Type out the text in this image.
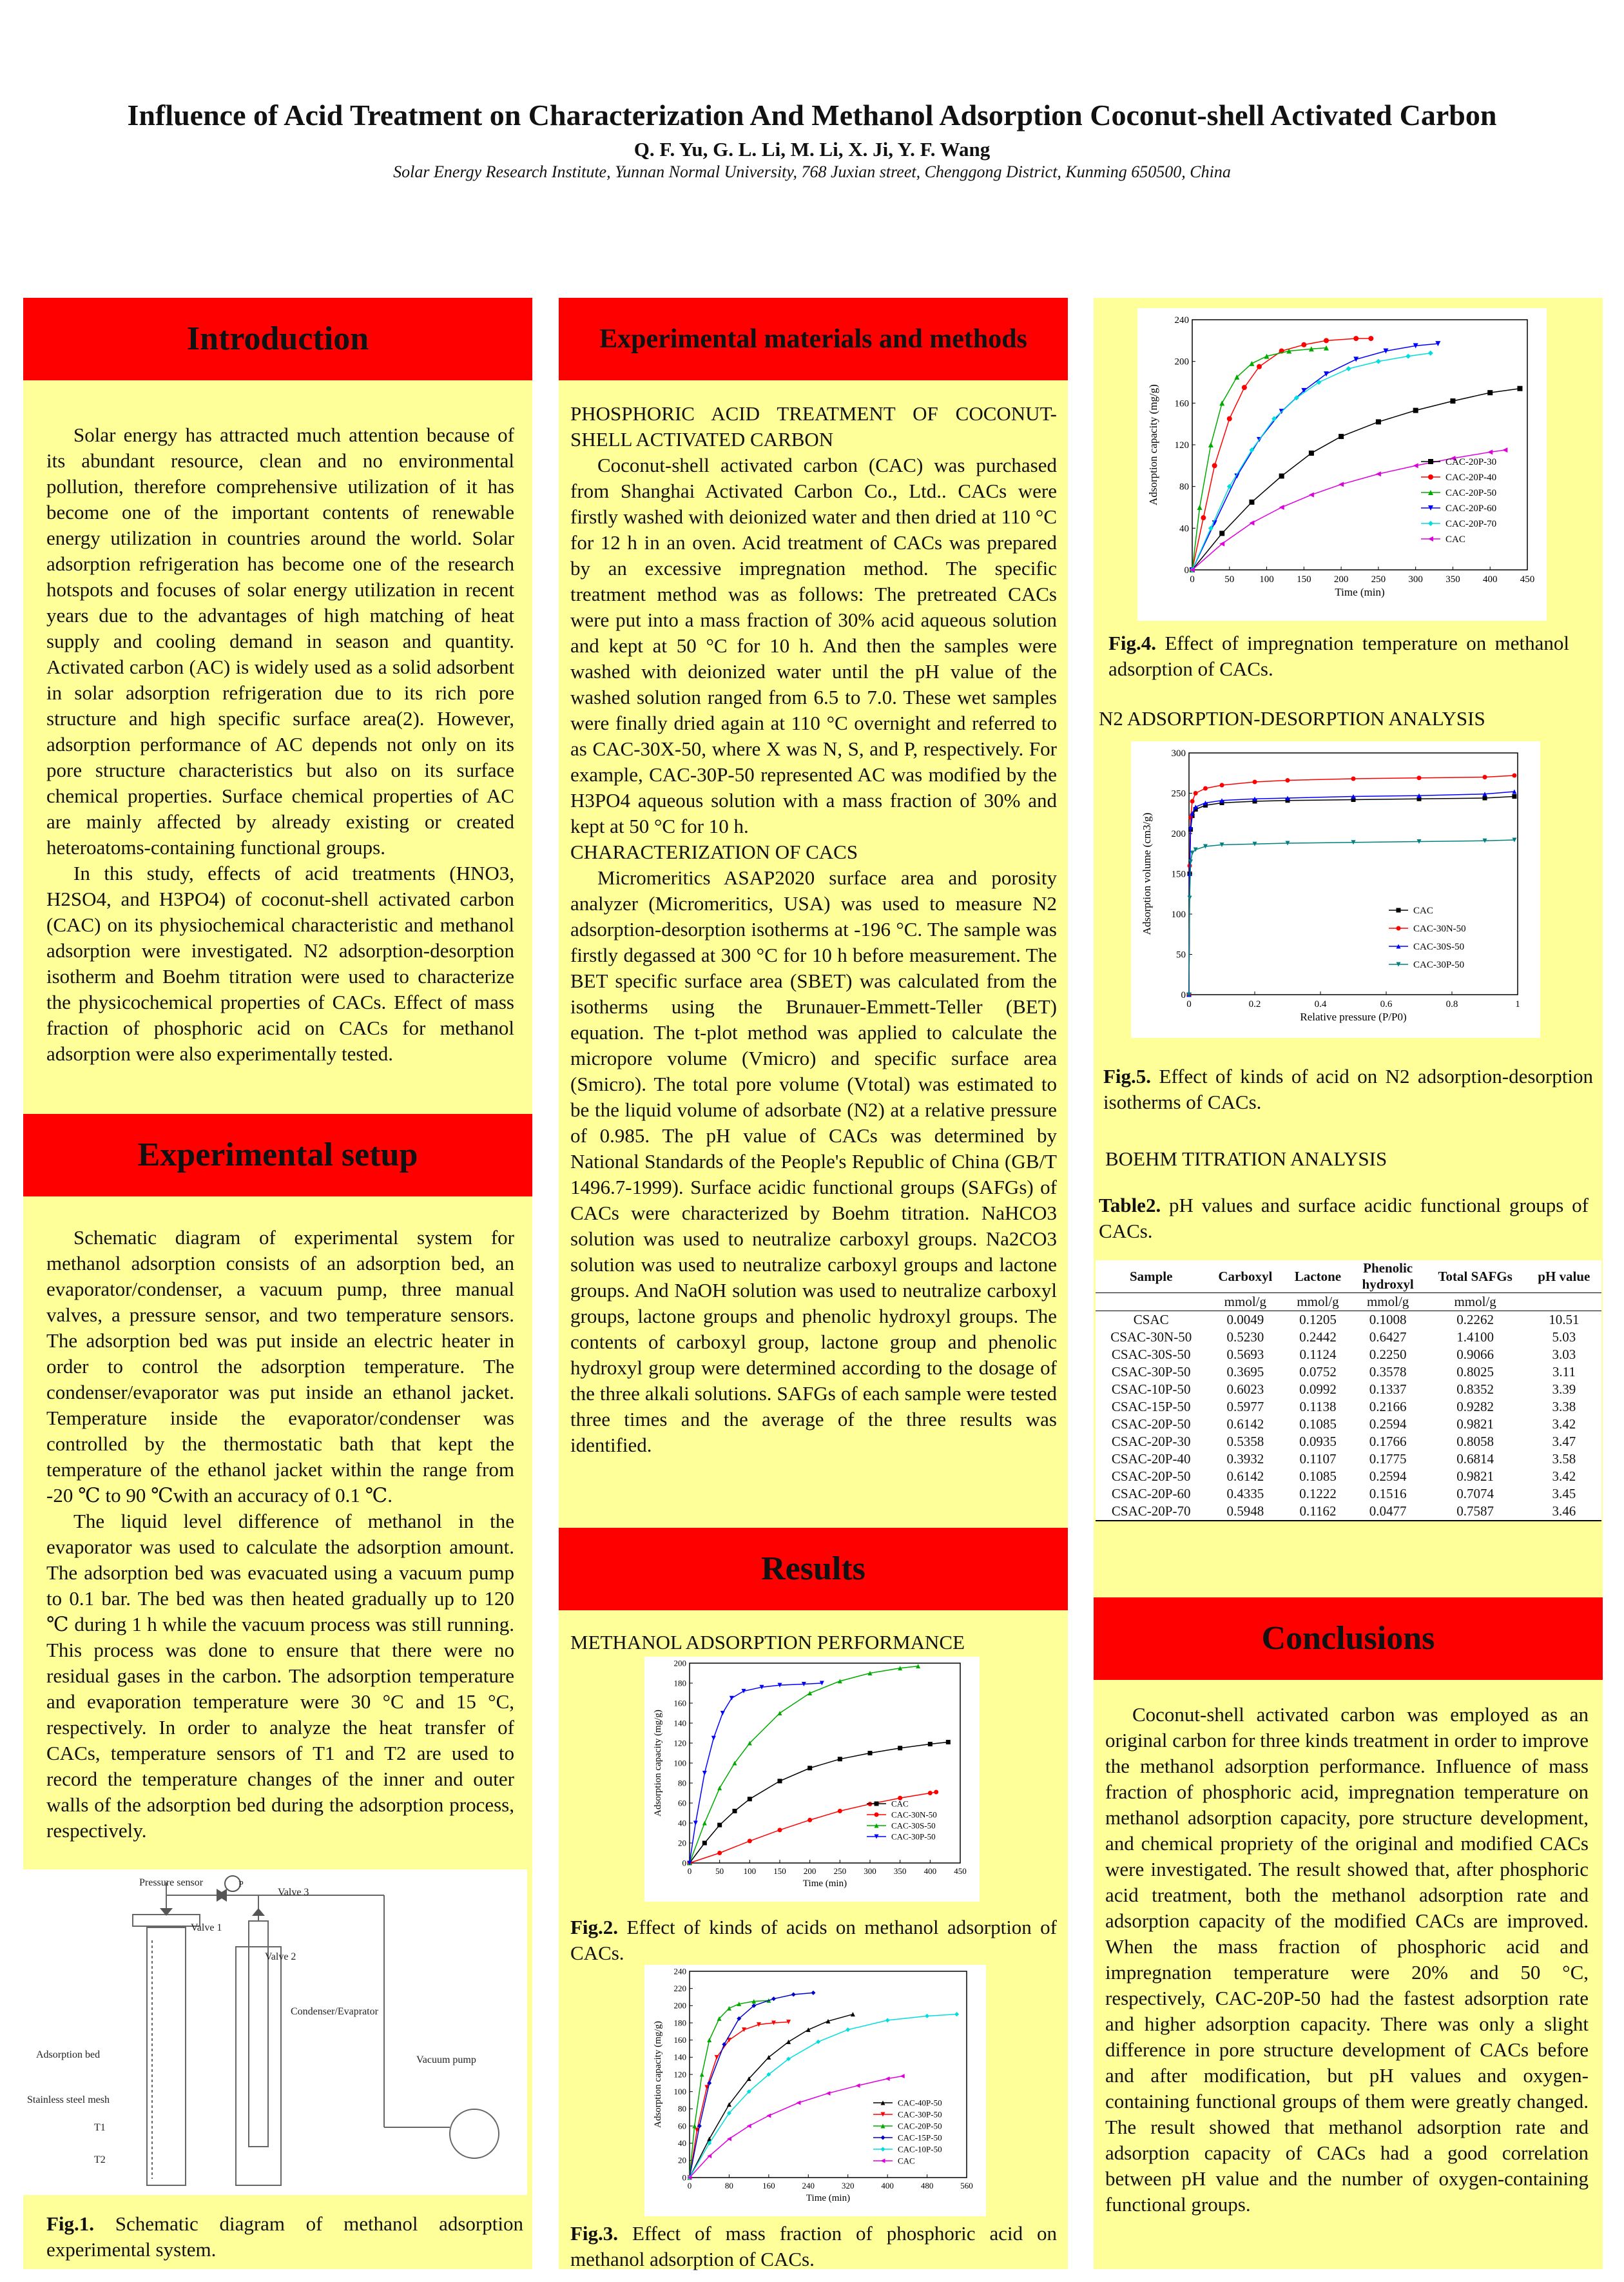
Influence of Acid Treatment on Characterization And Methanol Adsorption Coconut-shell Activated Carbon
Q. F. Yu, G. L. Li, M. Li, X. Ji, Y. F. Wang
Solar Energy Research Institute, Yunnan Normal University, 768 Juxian street, Chenggong District, Kunming 650500, China
Introduction

Solar energy has attracted much attention because of its abundant resource, clean and no environmental pollution, therefore comprehensive utilization of it has become one of the important contents of renewable energy utilization in countries around the world. Solar adsorption refrigeration has become one of the research hotspots and focuses of solar energy utilization in recent years due to the advantages of high matching of heat supply and cooling demand in season and quantity. Activated carbon (AC) is widely used as a solid adsorbent in solar adsorption refrigeration due to its rich pore structure and high specific surface area(2). However, adsorption performance of AC depends not only on its pore structure characteristics but also on its surface chemical properties. Surface chemical properties of AC are mainly affected by already existing or created heteroatoms-containing functional groups.

In this study, effects of acid treatments (HNO3, H2SO4, and H3PO4) of coconut-shell activated carbon (CAC) on its physiochemical characteristic and methanol adsorption were investigated. N2 adsorption-desorption isotherm and Boehm titration were used to characterize the physicochemical properties of CACs. Effect of mass fraction of phosphoric acid on CACs for methanol adsorption were also experimentally tested.

Experimental setup

Schematic diagram of experimental system for methanol adsorption consists of an adsorption bed, an evaporator/condenser, a vacuum pump, three manual valves, a pressure sensor, and two temperature sensors. The adsorption bed was put inside an electric heater in order to control the adsorption temperature. The condenser/evaporator was put inside an ethanol jacket. Temperature inside the evaporator/condenser was controlled by the thermostatic bath that kept the temperature of the ethanol jacket within the range from -20 ℃ to 90 ℃with an accuracy of 0.1 ℃.

The liquid level difference of methanol in the evaporator was used to calculate the adsorption amount. The adsorption bed was evacuated using a vacuum pump to 0.1 bar. The bed was then heated gradually up to 120 ℃ during 1 h while the vacuum process was still running. This process was done to ensure that there were no residual gases in the carbon. The adsorption temperature and evaporation temperature were 30 °C and 15 °C, respectively. In order to analyze the heat transfer of CACs, temperature sensors of T1 and T2 are used to record the temperature changes of the inner and outer walls of the adsorption bed during the adsorption process, respectively.

P
Pressure sensor
Valve 3
Valve 1
Valve 2
Condenser/Evaprator
Vacuum pump
Adsorption bed
Stainless steel mesh
T1
T2
Fig.1. Schematic diagram of methanol adsorption experimental system.
Experimental materials and methods

PHOSPHORIC ACID TREATMENT OF COCONUT-SHELL ACTIVATED CARBON

Coconut-shell activated carbon (CAC) was purchased from Shanghai Activated Carbon Co., Ltd.. CACs were firstly washed with deionized water and then dried at 110 °C for 12 h in an oven. Acid treatment of CACs was prepared by an excessive impregnation method. The specific treatment method was as follows: The pretreated CACs were put into a mass fraction of 30% acid aqueous solution and kept at 50 °C for 10 h. And then the samples were washed with deionized water until the pH value of the washed solution ranged from 6.5 to 7.0. These wet samples were finally dried again at 110 °C overnight and referred to as CAC-30X-50, where X was N, S, and P, respectively. For example, CAC-30P-50 represented AC was modified by the H3PO4 aqueous solution with a mass fraction of 30% and kept at 50 °C for 10 h.

CHARACTERIZATION OF CACS

Micromeritics ASAP2020 surface area and porosity analyzer (Micromeritics, USA) was used to measure N2 adsorption-desorption isotherms at -196 °C. The sample was firstly degassed at 300 °C for 10 h before measurement. The BET specific surface area (SBET) was calculated from the isotherms using the Brunauer-Emmett-Teller (BET) equation. The t-plot method was applied to calculate the micropore volume (Vmicro) and specific surface area (Smicro). The total pore volume (Vtotal) was estimated to be the liquid volume of adsorbate (N2) at a relative pressure of 0.985. The pH value of CACs was determined by National Standards of the People's Republic of China (GB/T 1496.7-1999). Surface acidic functional groups (SAFGs) of CACs were characterized by Boehm titration. NaHCO3 solution was used to neutralize carboxyl groups. Na2CO3 solution was used to neutralize carboxyl groups and lactone groups. And NaOH solution was used to neutralize carboxyl groups, lactone groups and phenolic hydroxyl groups. The contents of carboxyl group, lactone group and phenolic hydroxyl group were determined according to the dosage of the three alkali solutions. SAFGs of each sample were tested three times and the average of the three results was identified.

Results
METHANOL ADSORPTION PERFORMANCE
0	50 100 150 200 250 300 350 400 450
0
20
40
60
80
100
120
140
160
180
200
Time (min)
Adsorption capacity (mg/g)	CAC
CAC-30N-50
CAC-30S-50
CAC-30P-50
Fig.2. Effect of kinds of acids on methanol adsorption of CACs.
0	80	160	240	320	400	480	560
0
20
40
60
80
100
120
140
160
180
200
220
240
Time (min)
Adsorption capacity (mg/g)	CAC-40P-50
CAC-30P-50
CAC-20P-50
CAC-15P-50
CAC-10P-50
CAC
Fig.3. Effect of mass fraction of phosphoric acid on methanol adsorption of CACs.
0	50	100 150 200 250 300 350 400 450
0
40
80
120
160
200
240
Time (min)
Adsorption capacity (mg/g)	CAC-20P-30
CAC-20P-40
CAC-20P-50
CAC-20P-60
CAC-20P-70
CAC
Fig.4. Effect of impregnation temperature on methanol adsorption of CACs.
N2 ADSORPTION-DESORPTION ANALYSIS
0	0.2	0.4	0.6	0.8	1
0
50
100
150
200
250
300
Relative pressure (P/P0)
Adsorption volume (cm3/g)	CAC
CAC-30N-50
CAC-30S-50
CAC-30P-50
Fig.5. Effect of kinds of acid on N2 adsorption-desorption isotherms of CACs.
BOEHM TITRATION ANALYSIS
Table2. pH values and surface acidic functional groups of CACs.
Sample	Carboxyl	Lactone	Phenolic hydroxyl	Total SAFGs	pH value
	mmol/g	mmol/g	mmol/g	mmol/g	
CSAC	0.0049	0.1205	0.1008	0.2262	10.51
CSAC-30N-50	0.5230	0.2442	0.6427	1.4100	5.03
CSAC-30S-50	0.5693	0.1124	0.2250	0.9066	3.03
CSAC-30P-50	0.3695	0.0752	0.3578	0.8025	3.11
CSAC-10P-50	0.6023	0.0992	0.1337	0.8352	3.39
CSAC-15P-50	0.5977	0.1138	0.2166	0.9282	3.38
CSAC-20P-50	0.6142	0.1085	0.2594	0.9821	3.42
CSAC-20P-30	0.5358	0.0935	0.1766	0.8058	3.47
CSAC-20P-40	0.3932	0.1107	0.1775	0.6814	3.58
CSAC-20P-50	0.6142	0.1085	0.2594	0.9821	3.42
CSAC-20P-60	0.4335	0.1222	0.1516	0.7074	3.45
CSAC-20P-70	0.5948	0.1162	0.0477	0.7587	3.46
Conclusions

Coconut-shell activated carbon was employed as an original carbon for three kinds treatment in order to improve the methanol adsorption performance. Influence of mass fraction of phosphoric acid, impregnation temperature on methanol adsorption capacity, pore structure development, and chemical propriety of the original and modified CACs were investigated. The result showed that, after phosphoric acid treatment, both the methanol adsorption rate and adsorption capacity of the modified CACs are improved. When the mass fraction of phosphoric acid and impregnation temperature were 20% and 50 °C, respectively, CAC-20P-50 had the fastest adsorption rate and higher adsorption capacity. There was only a slight difference in pore structure development of CACs before and after modification, but pH values and oxygen-containing functional groups of them were greatly changed. The result showed that methanol adsorption rate and adsorption capacity of CACs had a good correlation between pH value and the number of oxygen-containing functional groups.
